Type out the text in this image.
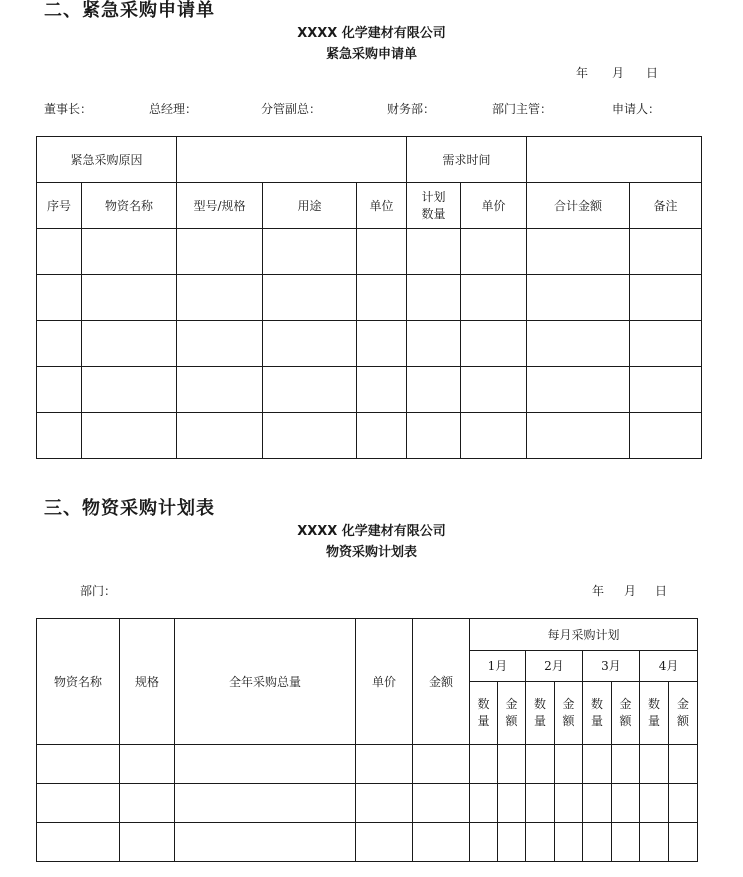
二、紧急采购申请单
XXXX 化学建材有限公司
紧急采购申请单
年 月 日
董事长：	总经理：	分管副总：	财务部：	部门主管：	申请人：
紧急采购原因					需求时间			
序号	物资名称	型号/规格	用途	单位	计划数量	单价	合计金额	备注

三、物资采购计划表
XXXX 化学建材有限公司
物资采购计划表
部门：	年 月 日
物资名称	规格	全年采购总量	单价	金额	每月采购计划							
					1月		2月		3月		4月	
					数量	金额	数量	金额	数量	金额	数量	金额
